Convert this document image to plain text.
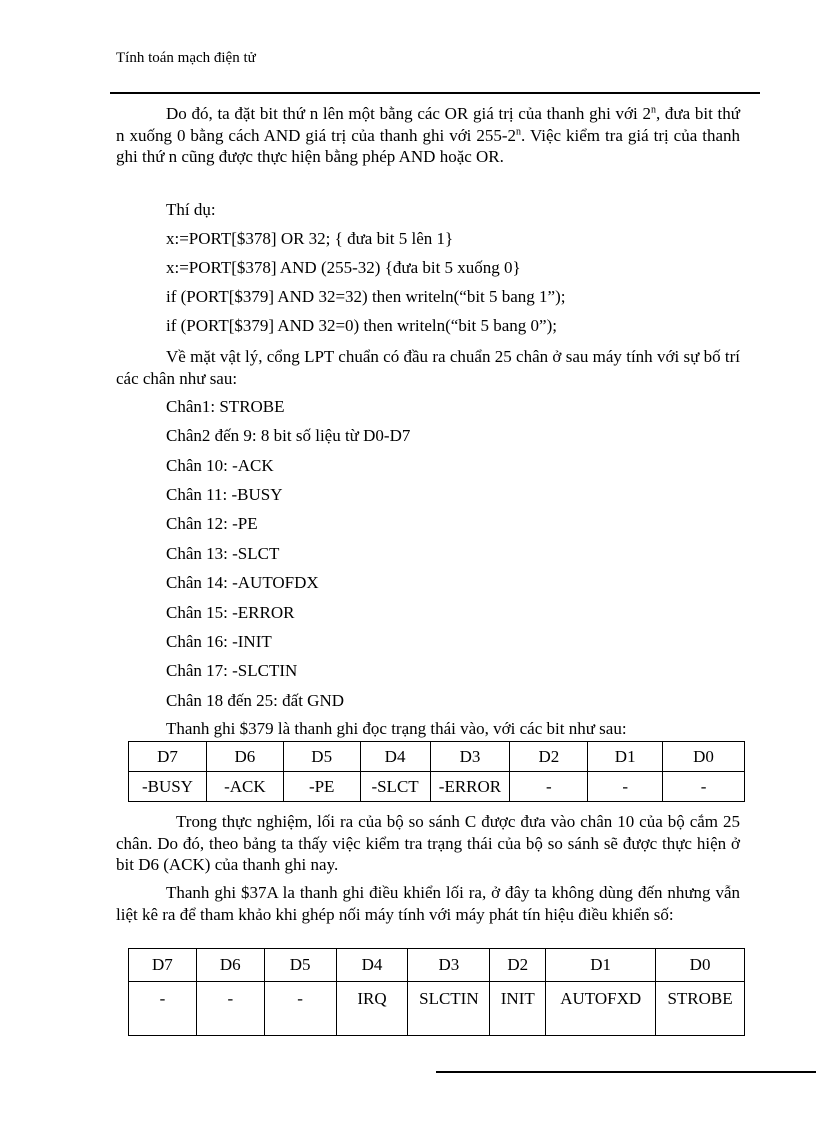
Tính toán mạch điện tử

Do đó, ta đặt bit thứ n lên một bằng các OR giá trị của thanh ghi với 2$^n$, đưa bit thứ n xuống 0 bằng cách AND giá trị của thanh ghi với 255-2$^n$. Việc kiểm tra giá trị của thanh ghi thứ n cũng được thực hiện bằng phép AND hoặc OR.

Thí dụ:

x:=PORT[$378] OR 32; { đưa bit 5 lên 1}

x:=PORT[$378] AND (255-32) {đưa bit 5 xuống 0}

if (PORT[$379] AND 32=32) then writeln(“bit 5 bang 1”);

if (PORT[$379] AND 32=0) then writeln(“bit 5 bang 0”);

Về mặt vật lý, cổng LPT chuẩn có đầu ra chuẩn 25 chân ở sau máy tính với sự bố trí các chân như sau:

Chân1: STROBE

Chân2 đến 9: 8 bit số liệu từ D0-D7

Chân 10: -ACK

Chân 11: -BUSY

Chân 12: -PE

Chân 13: -SLCT

Chân 14: -AUTOFDX

Chân 15: -ERROR

Chân 16: -INIT

Chân 17: -SLCTIN

Chân 18 đến 25: đất GND

Thanh ghi $379 là thanh ghi đọc trạng thái vào, với các bit như sau:

D7	D6	D5	D4	D3	D2	D1	D0
-BUSY	-ACK	-PE	-SLCT	-ERROR	-	-	-

Trong thực nghiệm, lối ra của bộ so sánh C được đưa vào chân 10 của bộ cắm 25 chân. Do đó, theo bảng ta thấy việc kiểm tra trạng thái của bộ so sánh sẽ được thực hiện ở bit D6 (ACK) của thanh ghi nay.

Thanh ghi $37A la thanh ghi điều khiển lối ra, ở đây ta không dùng đến nhưng vẫn liệt kê ra để tham khảo khi ghép nối máy tính với máy phát tín hiệu điều khiển số:

D7	D6	D5	D4	D3	D2	D1	D0
-	-	-	IRQ	SLCTIN	INIT	AUTOFXD	STROBE
